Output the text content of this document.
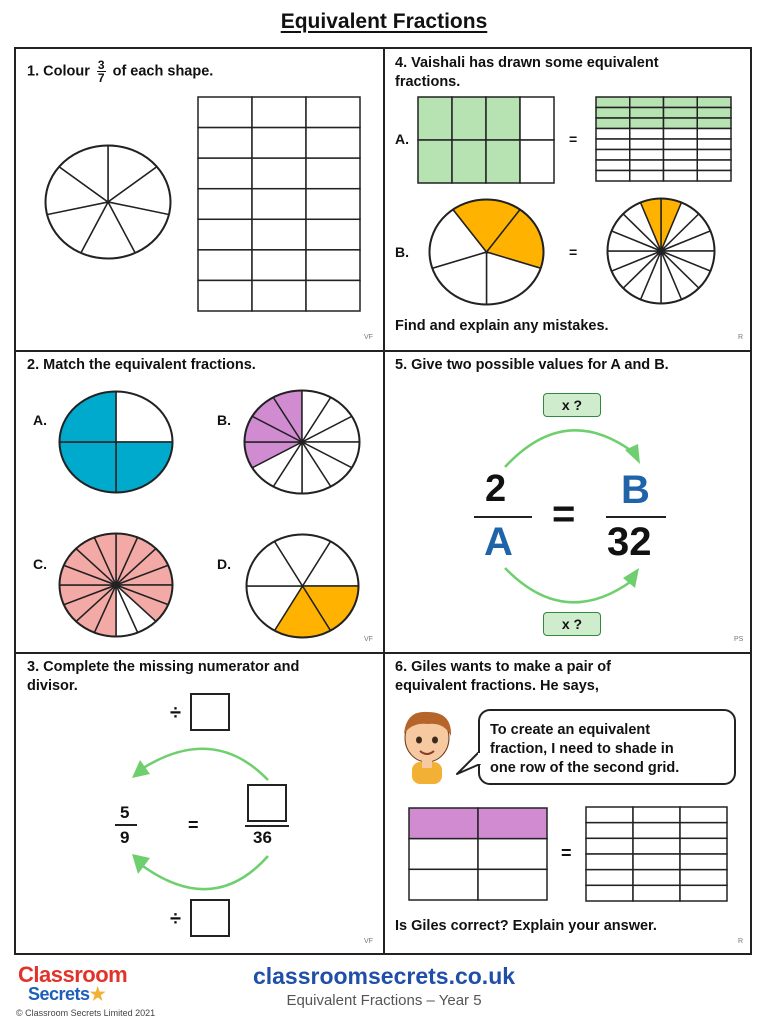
Equivalent Fractions
1. Colour $\frac{3}{7}$ of each shape.
VF
4. Vaishali has drawn some equivalent
fractions.
A.	=
B.	=
Find and explain any mistakes.
R
2. Match the equivalent fractions.
A.	B.
C.	D.
VF
5. Give two possible values for A and B.
x ?
2
A
=
B
32
x ?
PS
3. Complete the missing numerator and
divisor.
÷
5
9
=
36
÷
VF
6. Giles wants to make a pair of
equivalent fractions. He says,
To create an equivalent
fraction, I need to shade in
one row of the second grid.
=
Is Giles correct? Explain your answer.
R
Classroom
Secrets★
© Classroom Secrets Limited 2021
classroomsecrets.co.uk
Equivalent Fractions – Year 5
